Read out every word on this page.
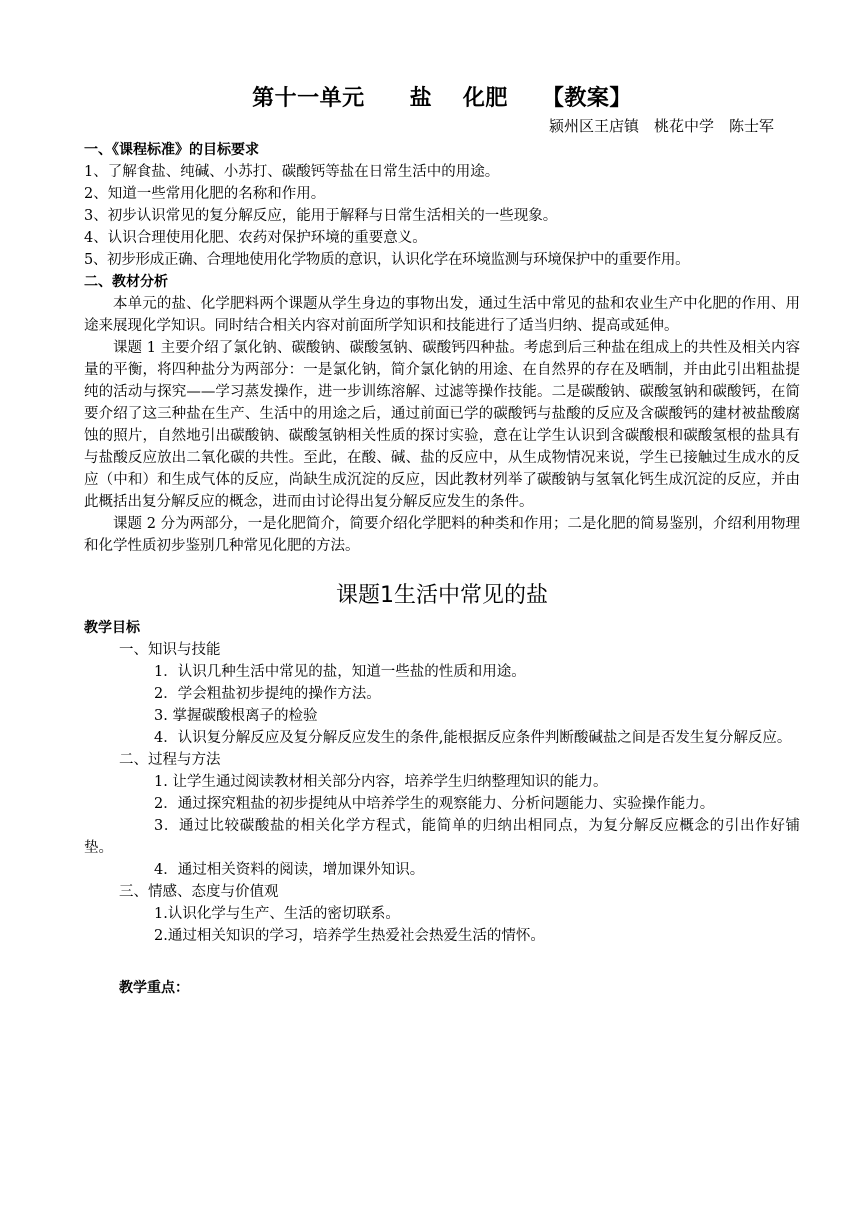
第十一单元　　盐　 化肥　　【教案】
颍州区王店镇　桃花中学　陈士军
一、《课程标准》的目标要求
1、了解食盐、纯碱、小苏打、碳酸钙等盐在日常生活中的用途。
2、知道一些常用化肥的名称和作用。
3、初步认识常见的复分解反应，能用于解释与日常生活相关的一些现象。
4、认识合理使用化肥、农药对保护环境的重要意义。
5、初步形成正确、合理地使用化学物质的意识，认识化学在环境监测与环境保护中的重要作用。
二、教材分析
本单元的盐、化学肥料两个课题从学生身边的事物出发，通过生活中常见的盐和农业生产中化肥的作用、用途来展现化学知识。同时结合相关内容对前面所学知识和技能进行了适当归纳、提高或延伸。
课题 1 主要介绍了氯化钠、碳酸钠、碳酸氢钠、碳酸钙四种盐。考虑到后三种盐在组成上的共性及相关内容量的平衡，将四种盐分为两部分：一是氯化钠，简介氯化钠的用途、在自然界的存在及晒制，并由此引出粗盐提纯的活动与探究——学习蒸发操作，进一步训练溶解、过滤等操作技能。二是碳酸钠、碳酸氢钠和碳酸钙，在简要介绍了这三种盐在生产、生活中的用途之后，通过前面已学的碳酸钙与盐酸的反应及含碳酸钙的建材被盐酸腐蚀的照片，自然地引出碳酸钠、碳酸氢钠相关性质的探讨实验，意在让学生认识到含碳酸根和碳酸氢根的盐具有与盐酸反应放出二氧化碳的共性。至此，在酸、碱、盐的反应中，从生成物情况来说，学生已接触过生成水的反应（中和）和生成气体的反应，尚缺生成沉淀的反应，因此教材列举了碳酸钠与氢氧化钙生成沉淀的反应，并由此概括出复分解反应的概念，进而由讨论得出复分解反应发生的条件。
课题 2 分为两部分，一是化肥简介，简要介绍化学肥料的种类和作用；二是化肥的简易鉴别，介绍利用物理和化学性质初步鉴别几种常见化肥的方法。
课题1生活中常见的盐
教学目标
一、知识与技能
1．认识几种生活中常见的盐，知道一些盐的性质和用途。
2．学会粗盐初步提纯的操作方法。
3. 掌握碳酸根离子的检验
4．认识复分解反应及复分解反应发生的条件,能根据反应条件判断酸碱盐之间是否发生复分解反应。
二、过程与方法
1. 让学生通过阅读教材相关部分内容，培养学生归纳整理知识的能力。
2．通过探究粗盐的初步提纯从中培养学生的观察能力、分析问题能力、实验操作能力。
3．通过比较碳酸盐的相关化学方程式，能简单的归纳出相同点，为复分解反应概念的引出作好铺垫。
4．通过相关资料的阅读，增加课外知识。
三、情感、态度与价值观
1.认识化学与生产、生活的密切联系。
2.通过相关知识的学习，培养学生热爱社会热爱生活的情怀。
教学重点：
